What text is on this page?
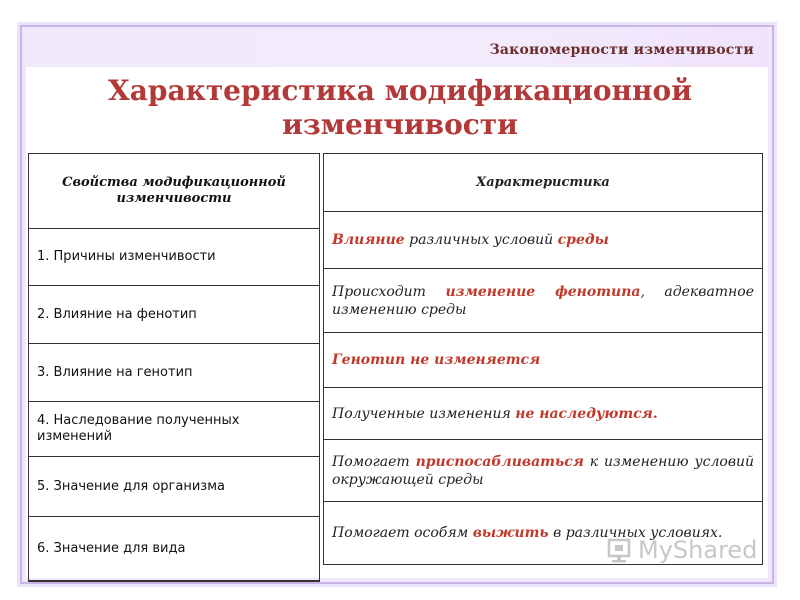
Закономерности изменчивости
Характеристика модификационной изменчивости
Свойства модификационной изменчивости
1. Причины изменчивости
2. Влияние на фенотип
3. Влияние на генотип
4. Наследование полученных изменений
5. Значение для организма
6. Значение для вида
Характеристика
Влияние различных условий среды
Происходит изменение фенотипа, адекватное изменению среды
Генотип не изменяется
Полученные изменения не наследуются.
Помогает приспосабливаться к изменению условий окружающей среды
Помогает особям выжить в различных условиях.
MyShared
